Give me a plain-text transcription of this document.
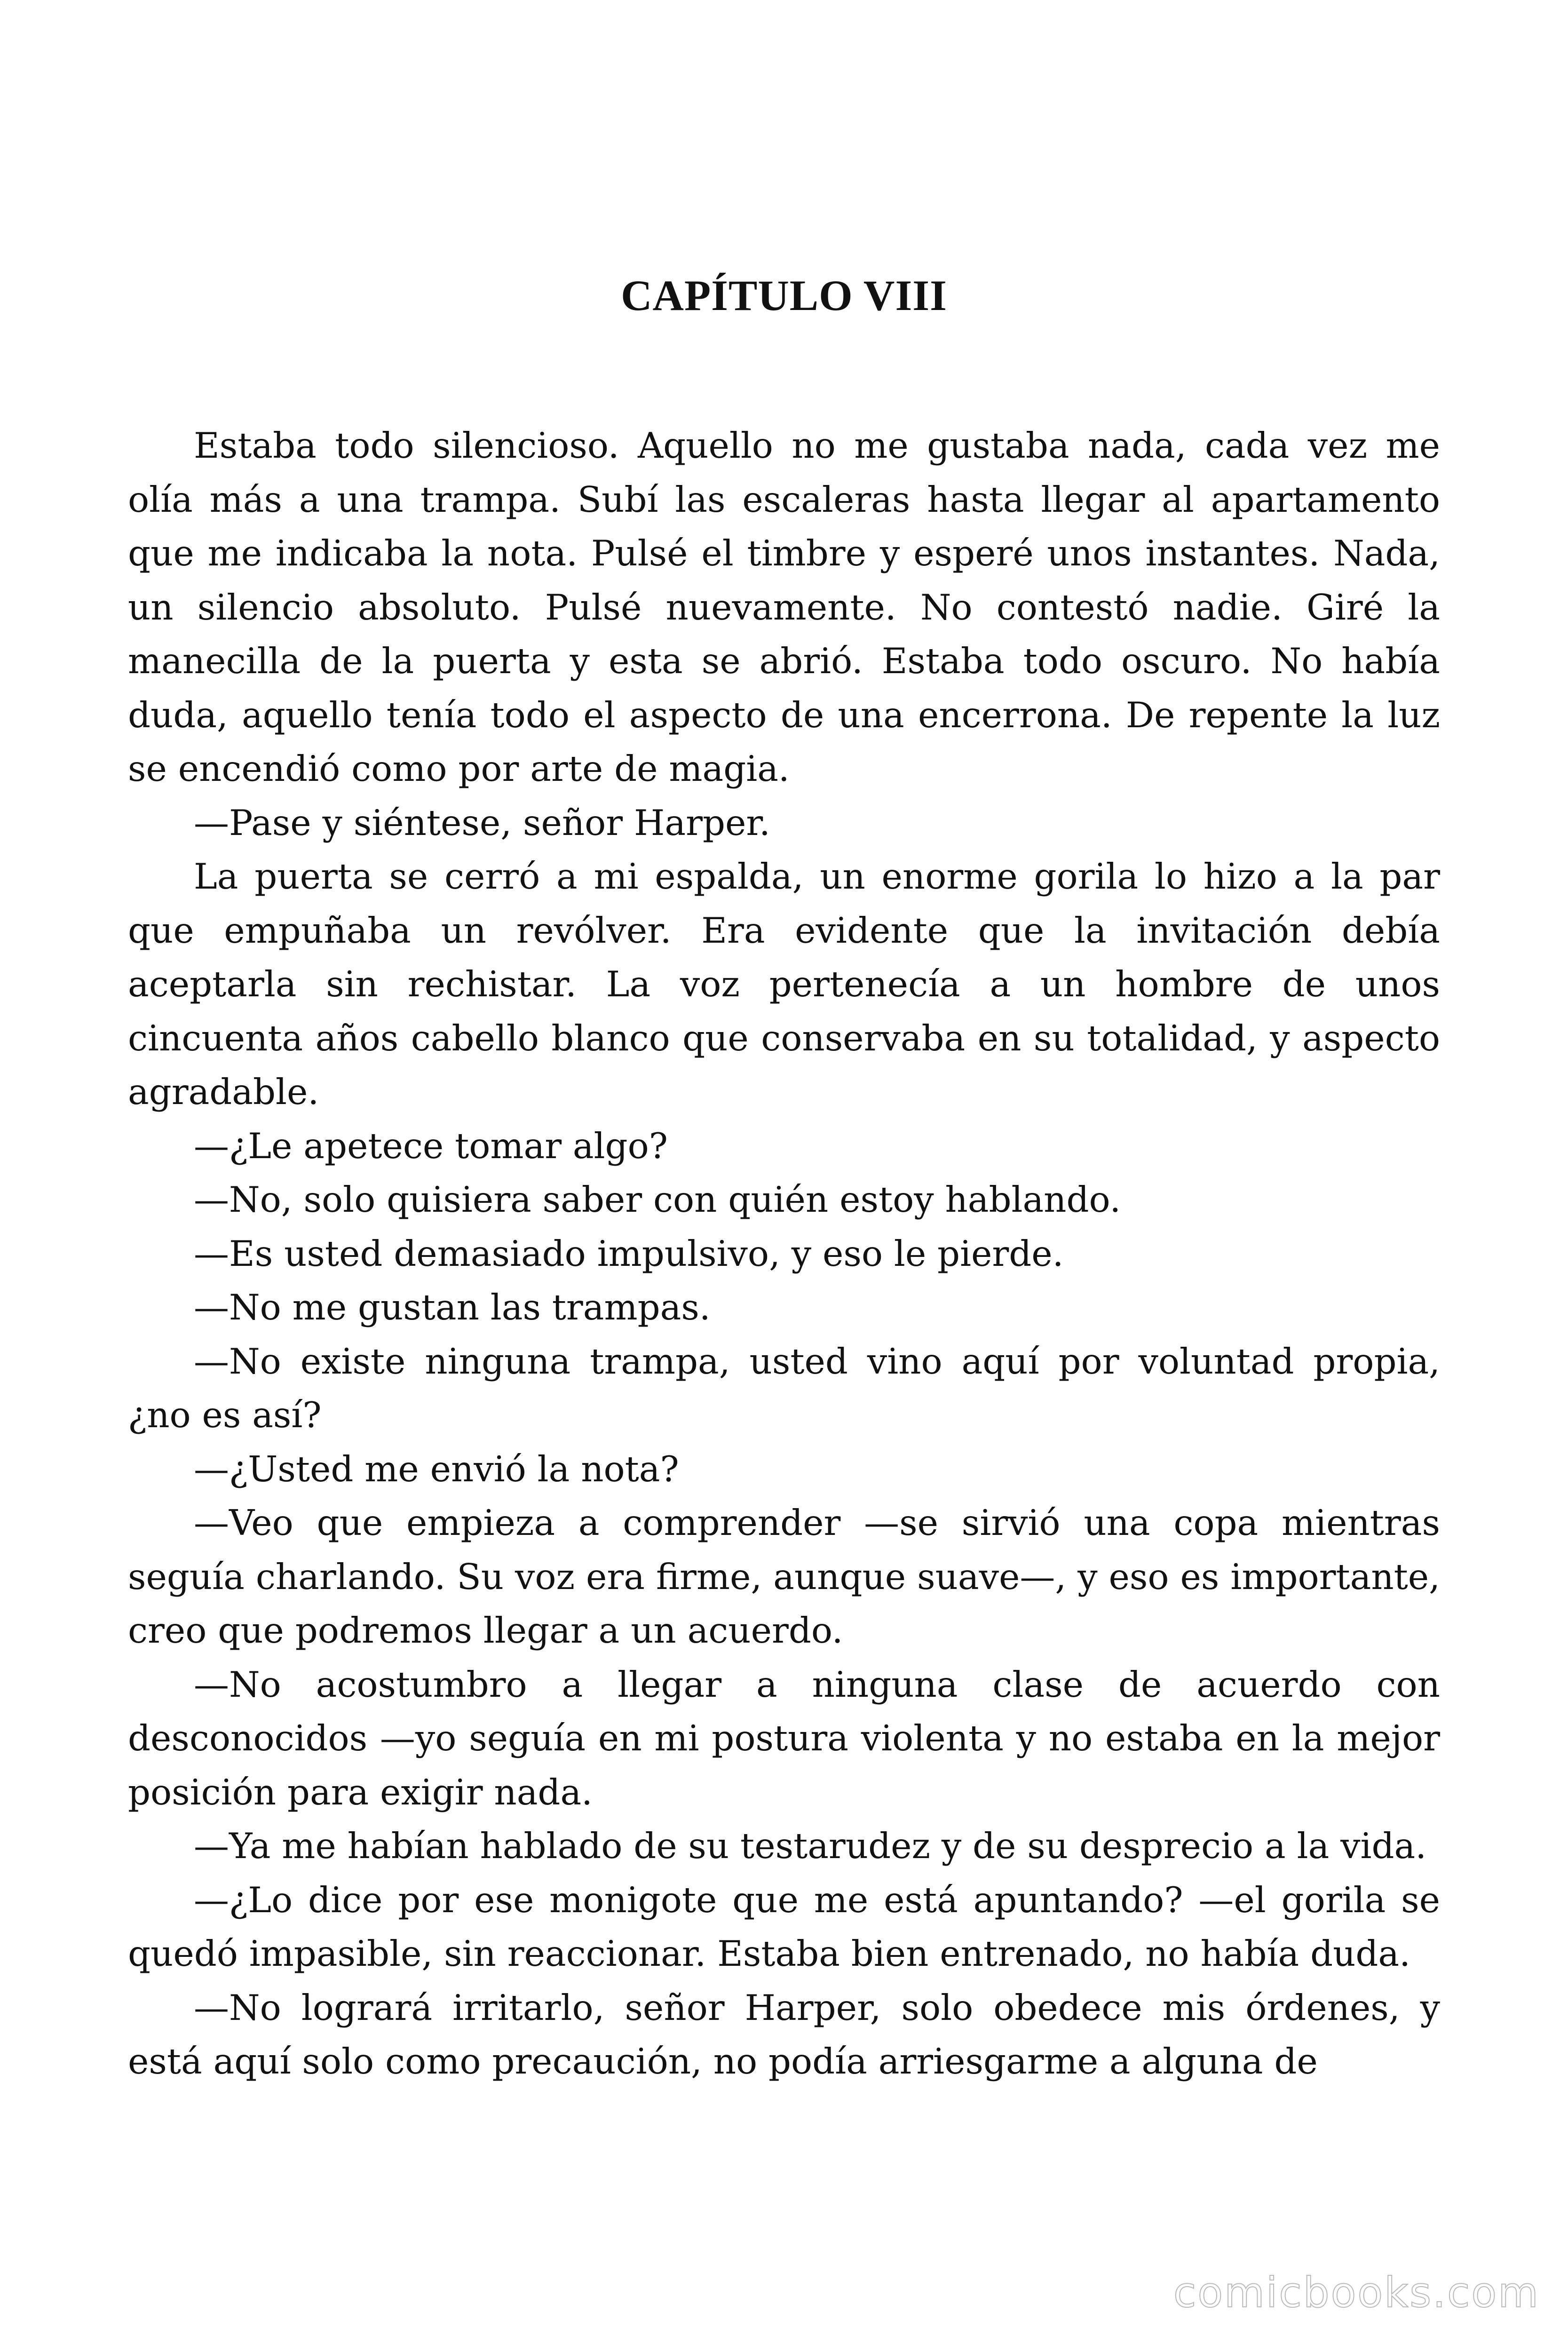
CAPÍTULO VIII

Estaba todo silencioso. Aquello no me gustaba nada, cada vez me olía más a una trampa. Subí las escaleras hasta llegar al apartamento que me indicaba la nota. Pulsé el timbre y esperé unos instantes. Nada, un silencio absoluto. Pulsé nuevamente. No contestó nadie. Giré la manecilla de la puerta y esta se abrió. Estaba todo oscuro. No había duda, aquello tenía todo el aspecto de una encerrona. De repente la luz se encendió como por arte de magia.

—Pase y siéntese, señor Harper.

La puerta se cerró a mi espalda, un enorme gorila lo hizo a la par que empuñaba un revólver. Era evidente que la invitación debía aceptarla sin rechistar. La voz pertenecía a un hombre de unos cincuenta años cabello blanco que conservaba en su totalidad, y aspecto agradable.

—¿Le apetece tomar algo?

—No, solo quisiera saber con quién estoy hablando.

—Es usted demasiado impulsivo, y eso le pierde.

—No me gustan las trampas.

—No existe ninguna trampa, usted vino aquí por voluntad propia, ¿no es así?

—¿Usted me envió la nota?

—Veo que empieza a comprender —se sirvió una copa mientras seguía charlando. Su voz era firme, aunque suave—, y eso es importante, creo que podremos llegar a un acuerdo.

—No acostumbro a llegar a ninguna clase de acuerdo con desconocidos —yo seguía en mi postura violenta y no estaba en la mejor posición para exigir nada.

—Ya me habían hablado de su testarudez y de su desprecio a la vida.

—¿Lo dice por ese monigote que me está apuntando? —el gorila se quedó impasible, sin reaccionar. Estaba bien entrenado, no había duda.

—No logrará irritarlo, señor Harper, solo obedece mis órdenes, y está aquí solo como precaución, no podía arriesgarme a alguna de

comicbooks.com
